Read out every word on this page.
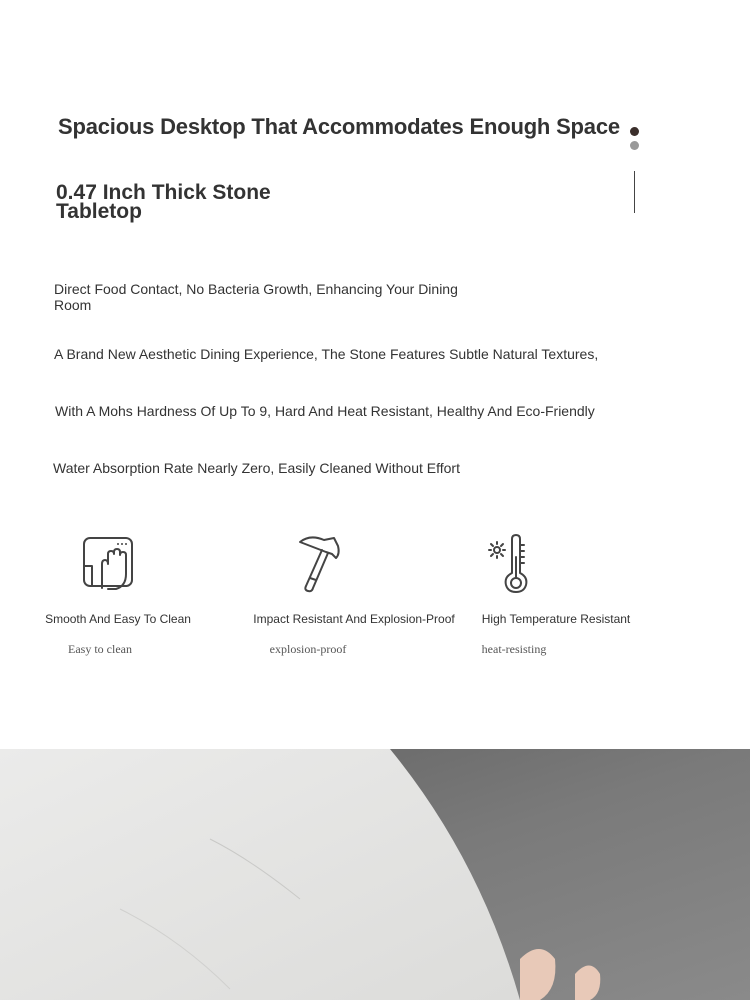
Spacious Desktop That Accommodates Enough Space
0.47 Inch Thick Stone Tabletop
Direct Food Contact, No Bacteria Growth, Enhancing Your Dining Room
A Brand New Aesthetic Dining Experience, The Stone Features Subtle Natural Textures,
With A Mohs Hardness Of Up To 9, Hard And Heat Resistant, Healthy And Eco-Friendly
Water Absorption Rate Nearly Zero, Easily Cleaned Without Effort
Smooth And Easy To Clean	Impact Resistant And Explosion-Proof	High Temperature Resistant
Easy to clean	explosion-proof	heat-resisting
